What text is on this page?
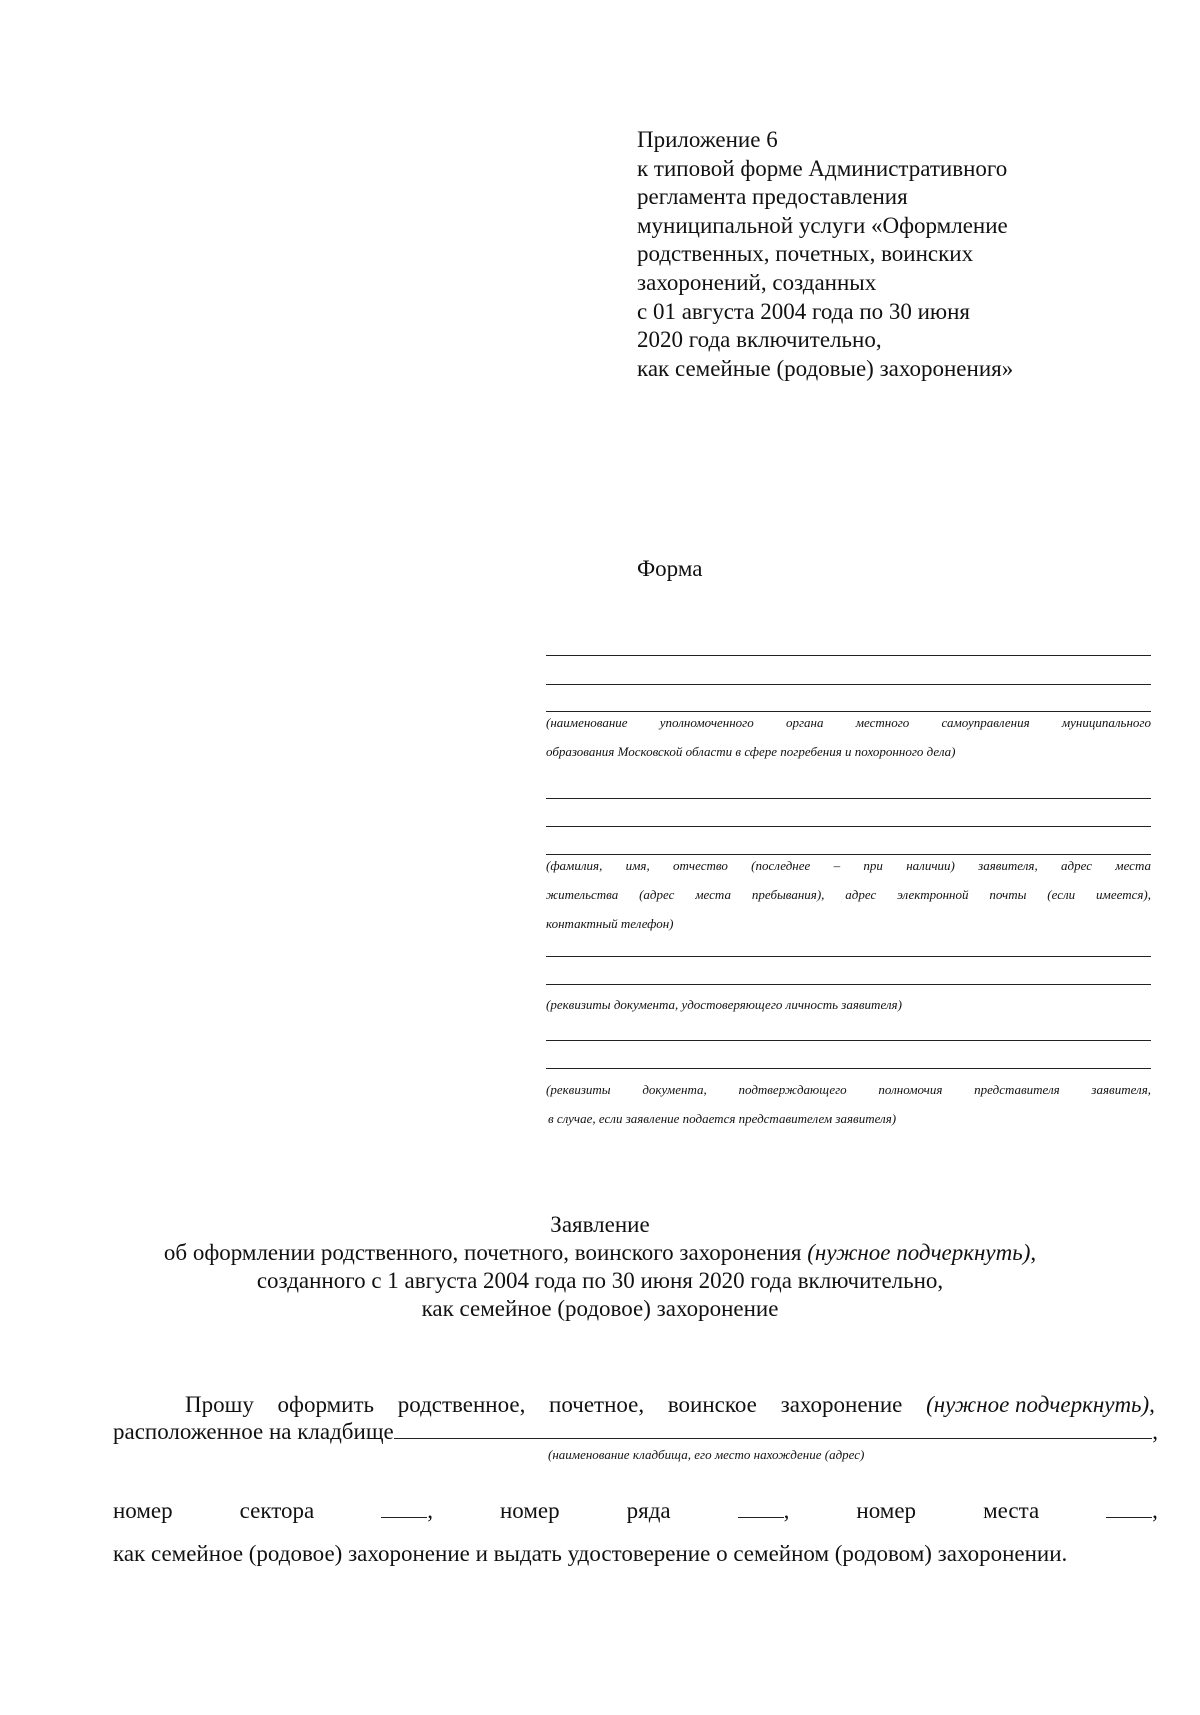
Приложение 6
к типовой форме Административного
регламента предоставления
муниципальной услуги «Оформление
родственных, почетных, воинских
захоронений, созданных
с 01 августа 2004 года по 30 июня
2020 года включительно,
как семейные (родовые) захоронения»
Форма
(наименование уполномоченного органа местного самоуправления муниципального
образования Московской области в сфере погребения и похоронного дела)
(фамилия, имя, отчество (последнее – при наличии) заявителя, адрес места
жительства (адрес места пребывания), адрес электронной почты (если имеется),
контактный телефон)
(реквизиты документа, удостоверяющего личность заявителя)
(реквизиты документа, подтверждающего полномочия представителя заявителя,
в случае, если заявление подается представителем заявителя)
Заявление
об оформлении родственного, почетного, воинского захоронения (нужное подчеркнуть),
созданного с 1 августа 2004 года по 30 июня 2020 года включительно,
как семейное (родовое) захоронение
Прошу оформить родственное, почетное, воинское захоронение (нужное подчеркнуть),
расположенное на кладбище	,
(наименование кладбища, его место нахождение (адрес)
номер	сектора	,	номер	ряда	,	номер	места	,
как семейное (родовое) захоронение и выдать удостоверение о семейном (родовом) захоронении.
